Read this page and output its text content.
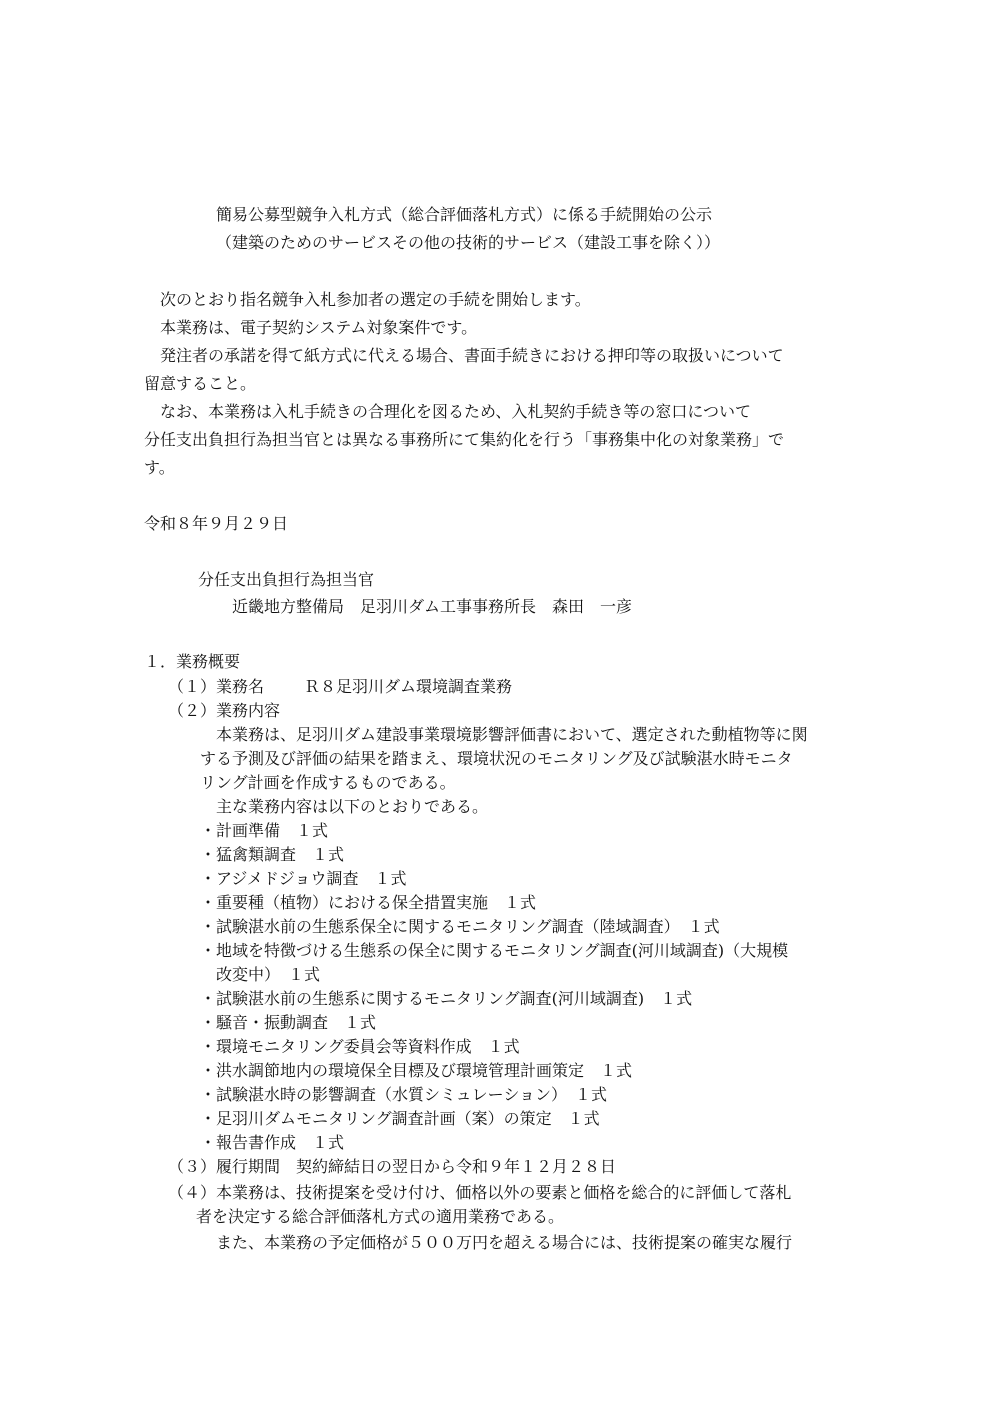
簡易公募型競争入札方式（総合評価落札方式）に係る手続開始の公示
（建築のためのサービスその他の技術的サービス（建設工事を除く））
次のとおり指名競争入札参加者の選定の手続を開始します。
本業務は、電子契約システム対象案件です。
発注者の承諾を得て紙方式に代える場合、書面手続きにおける押印等の取扱いについて
留意すること。
なお、本業務は入札手続きの合理化を図るため、入札契約手続き等の窓口について
分任支出負担行為担当官とは異なる事務所にて集約化を行う「事務集中化の対象業務」で
す。
令和８年９月２９日
分任支出負担行為担当官
近畿地方整備局　足羽川ダム工事事務所長　森田　一彦
１．業務概要
（１）業務名 Ｒ８足羽川ダム環境調査業務
（２）業務内容
本業務は、足羽川ダム建設事業環境影響評価書において、選定された動植物等に関
する予測及び評価の結果を踏まえ、環境状況のモニタリング及び試験湛水時モニタ
リング計画を作成するものである。
主な業務内容は以下のとおりである。
・計画準備　１式
・猛禽類調査　１式
・アジメドジョウ調査　１式
・重要種（植物）における保全措置実施　１式
・試験湛水前の生態系保全に関するモニタリング調査（陸域調査）　１式
・地域を特徴づける生態系の保全に関するモニタリング調査(河川域調査)（大規模
改変中）　１式
・試験湛水前の生態系に関するモニタリング調査(河川域調査)　１式
・騒音・振動調査　１式
・環境モニタリング委員会等資料作成　１式
・洪水調節地内の環境保全目標及び環境管理計画策定　１式
・試験湛水時の影響調査（水質シミュレーション）　１式
・足羽川ダムモニタリング調査計画（案）の策定　１式
・報告書作成　１式
（３）履行期間　契約締結日の翌日から令和９年１２月２８日
（４）本業務は、技術提案を受け付け、価格以外の要素と価格を総合的に評価して落札
者を決定する総合評価落札方式の適用業務である。
また、本業務の予定価格が５００万円を超える場合には、技術提案の確実な履行
